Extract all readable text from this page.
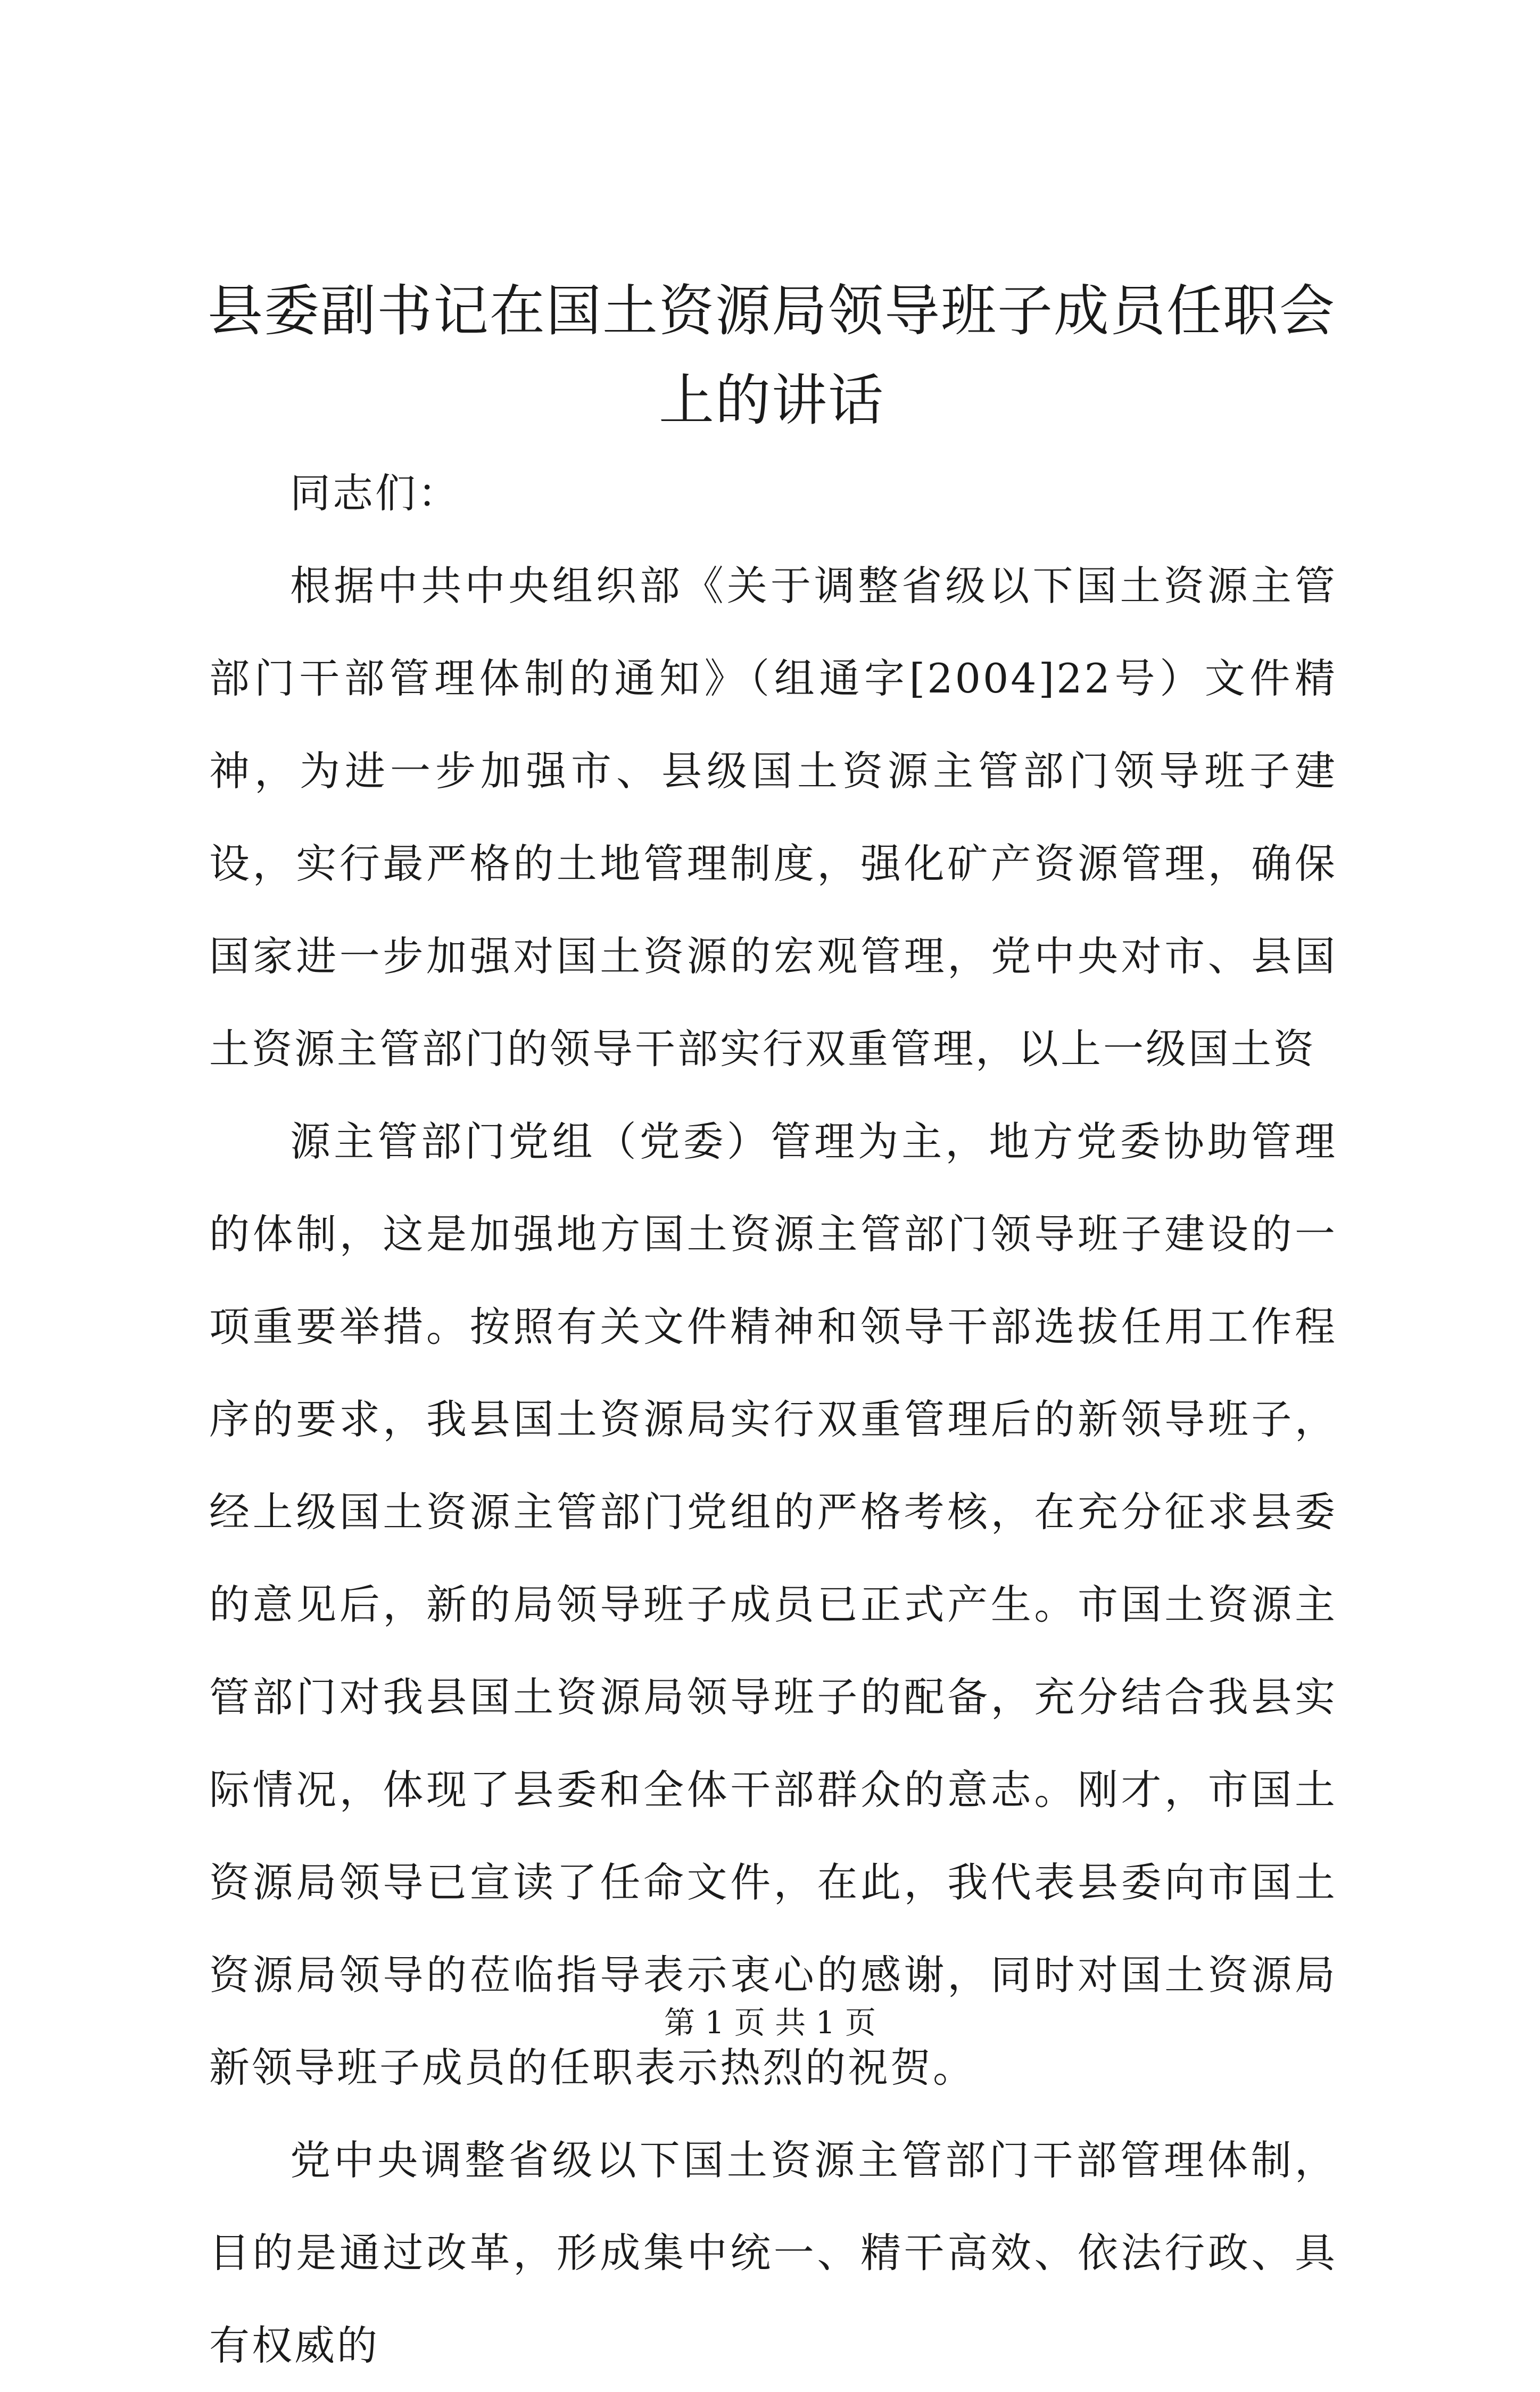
县委副书记在国土资源局领导班子成员任职会上的讲话

同志们：

根据中共中央组织部《关于调整省级以下国土资源主管部门干部管理体制的通知》（组通字[2004]22号）文件精神，为进一步加强市、县级国土资源主管部门领导班子建设，实行最严格的土地管理制度，强化矿产资源管理，确保国家进一步加强对国土资源的宏观管理，党中央对市、县国土资源主管部门的领导干部实行双重管理，以上一级国土资

源主管部门党组（党委）管理为主，地方党委协助管理的体制，这是加强地方国土资源主管部门领导班子建设的一项重要举措。按照有关文件精神和领导干部选拔任用工作程序的要求，我县国土资源局实行双重管理后的新领导班子，经上级国土资源主管部门党组的严格考核，在充分征求县委的意见后，新的局领导班子成员已正式产生。市国土资源主管部门对我县国土资源局领导班子的配备，充分结合我县实际情况，体现了县委和全体干部群众的意志。刚才，市国土资源局领导已宣读了任命文件，在此，我代表县委向市国土资源局领导的莅临指导表示衷心的感谢，同时对国土资源局新领导班子成员的任职表示热烈的祝贺。

党中央调整省级以下国土资源主管部门干部管理体制，目的是通过改革，形成集中统一、精干高效、依法行政、具有权威的

第 1 页 共 1 页
